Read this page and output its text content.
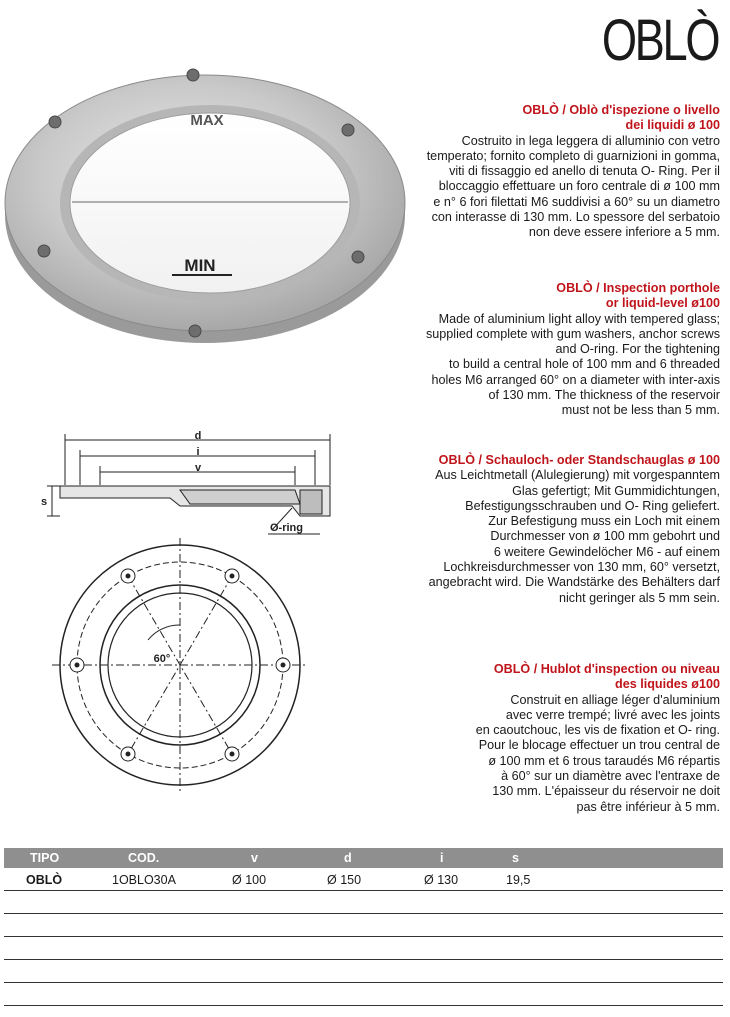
OBLÒ
MAX
MIN
d
i
v
s
O-ring
60°
OBLÒ / Oblò d'ispezione o livello
dei liquidi ø 100
Costruito in lega leggera di alluminio con vetro
temperato; fornito completo di guarnizioni in gomma,
viti di fissaggio ed anello di tenuta O- Ring. Per il
bloccaggio effettuare un foro centrale di ø 100 mm
e n° 6 fori filettati M6 suddivisi a 60° su un diametro
con interasse di 130 mm. Lo spessore del serbatoio
non deve essere inferiore a 5 mm.
OBLÒ / Inspection porthole
or liquid-level ø100
Made of aluminium light alloy with tempered glass;
supplied complete with gum washers, anchor screws
and O-ring. For the tightening
to build a central hole of 100 mm and 6 threaded
holes M6 arranged 60° on a diameter with inter-axis
of 130 mm. The thickness of the reservoir
must not be less than 5 mm.
OBLÒ / Schauloch- oder Standschauglas ø 100
Aus Leichtmetall (Alulegierung) mit vorgespanntem
Glas gefertigt; Mit Gummidichtungen,
Befestigungsschrauben und O- Ring geliefert.
Zur Befestigung muss ein Loch mit einem
Durchmesser von ø 100 mm gebohrt und
6 weitere Gewindelöcher M6 - auf einem
Lochkreisdurchmesser von 130 mm, 60° versetzt,
angebracht wird. Die Wandstärke des Behälters darf
nicht geringer als 5 mm sein.
OBLÒ / Hublot d'inspection ou niveau
des liquides ø100
Construit en alliage léger d'aluminium
avec verre trempé; livré avec les joints
en caoutchouc, les vis de fixation et O- ring.
Pour le blocage effectuer un trou central de
ø 100 mm et 6 trous taraudés M6 répartis
à 60° sur un diamètre avec l'entraxe de
130 mm. L'épaisseur du réservoir ne doit
pas être inférieur à 5 mm.
TIPO	COD.	v	d	i	s
OBLÒ	1OBLO30A	Ø 100	Ø 150	Ø 130	19,5
